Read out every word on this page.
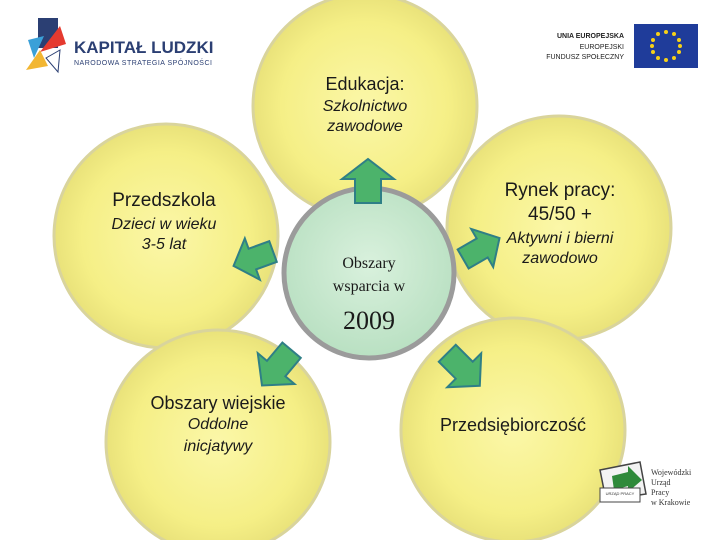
KAPITAŁ LUDZKI
NARODOWA STRATEGIA SPÓJNOŚCI
UNIA EUROPEJSKA
EUROPEJSKI
FUNDUSZ SPOŁECZNY
Wojewódzki
Urząd
Pracy
w Krakowie
URZĄD PRACY
Edukacja:
Szkolnictwo
zawodowe
Przedszkola
Dzieci w wieku
3-5 lat
Rynek pracy:
45/50 +
Aktywni i bierni
zawodowo
Obszary
wsparcia w
2009
Obszary wiejskie
Oddolne
inicjatywy
Przedsiębiorczość
